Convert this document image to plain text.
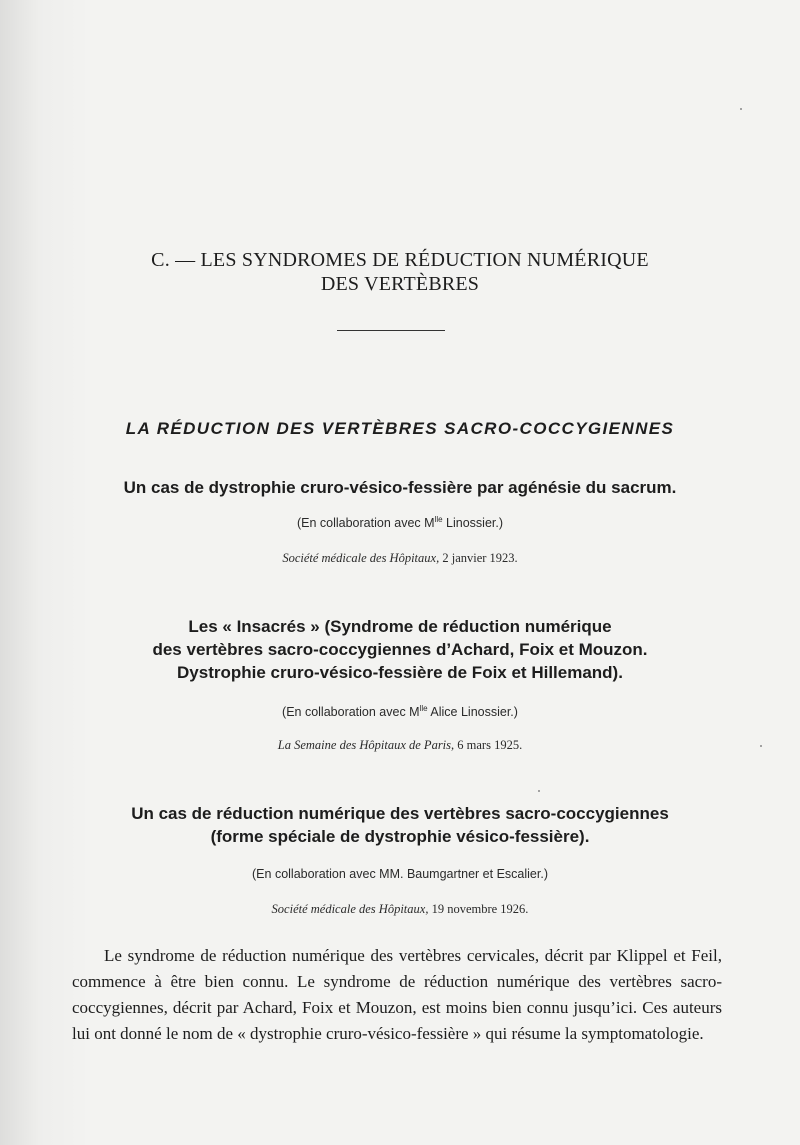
C. — LES SYNDROMES DE RÉDUCTION NUMÉRIQUE
DES VERTÈBRES
LA RÉDUCTION DES VERTÈBRES SACRO-COCCYGIENNES
Un cas de dystrophie cruro-vésico-fessière par agénésie du sacrum.
(En collaboration avec $M^{lle}$ Linossier.)
Société médicale des Hôpitaux, 2 janvier 1923.
Les « Insacrés » (Syndrome de réduction numérique
des vertèbres sacro-coccygiennes d’Achard, Foix et Mouzon.
Dystrophie cruro-vésico-fessière de Foix et Hillemand).
(En collaboration avec $M^{lle}$ Alice Linossier.)
La Semaine des Hôpitaux de Paris, 6 mars 1925.
Un cas de réduction numérique des vertèbres sacro-coccygiennes
(forme spéciale de dystrophie vésico-fessière).
(En collaboration avec MM. Baumgartner et Escalier.)
Société médicale des Hôpitaux, 19 novembre 1926.

Le syndrome de réduction numérique des vertèbres cervicales, décrit par Klippel et Feil, commence à être bien connu. Le syndrome de réduction numérique des vertèbres sacro-coccygiennes, décrit par Achard, Foix et Mouzon, est moins bien connu jusqu’ici. Ces auteurs lui ont donné le nom de « dystrophie cruro-vésico-fessière » qui résume la symptomatologie.
